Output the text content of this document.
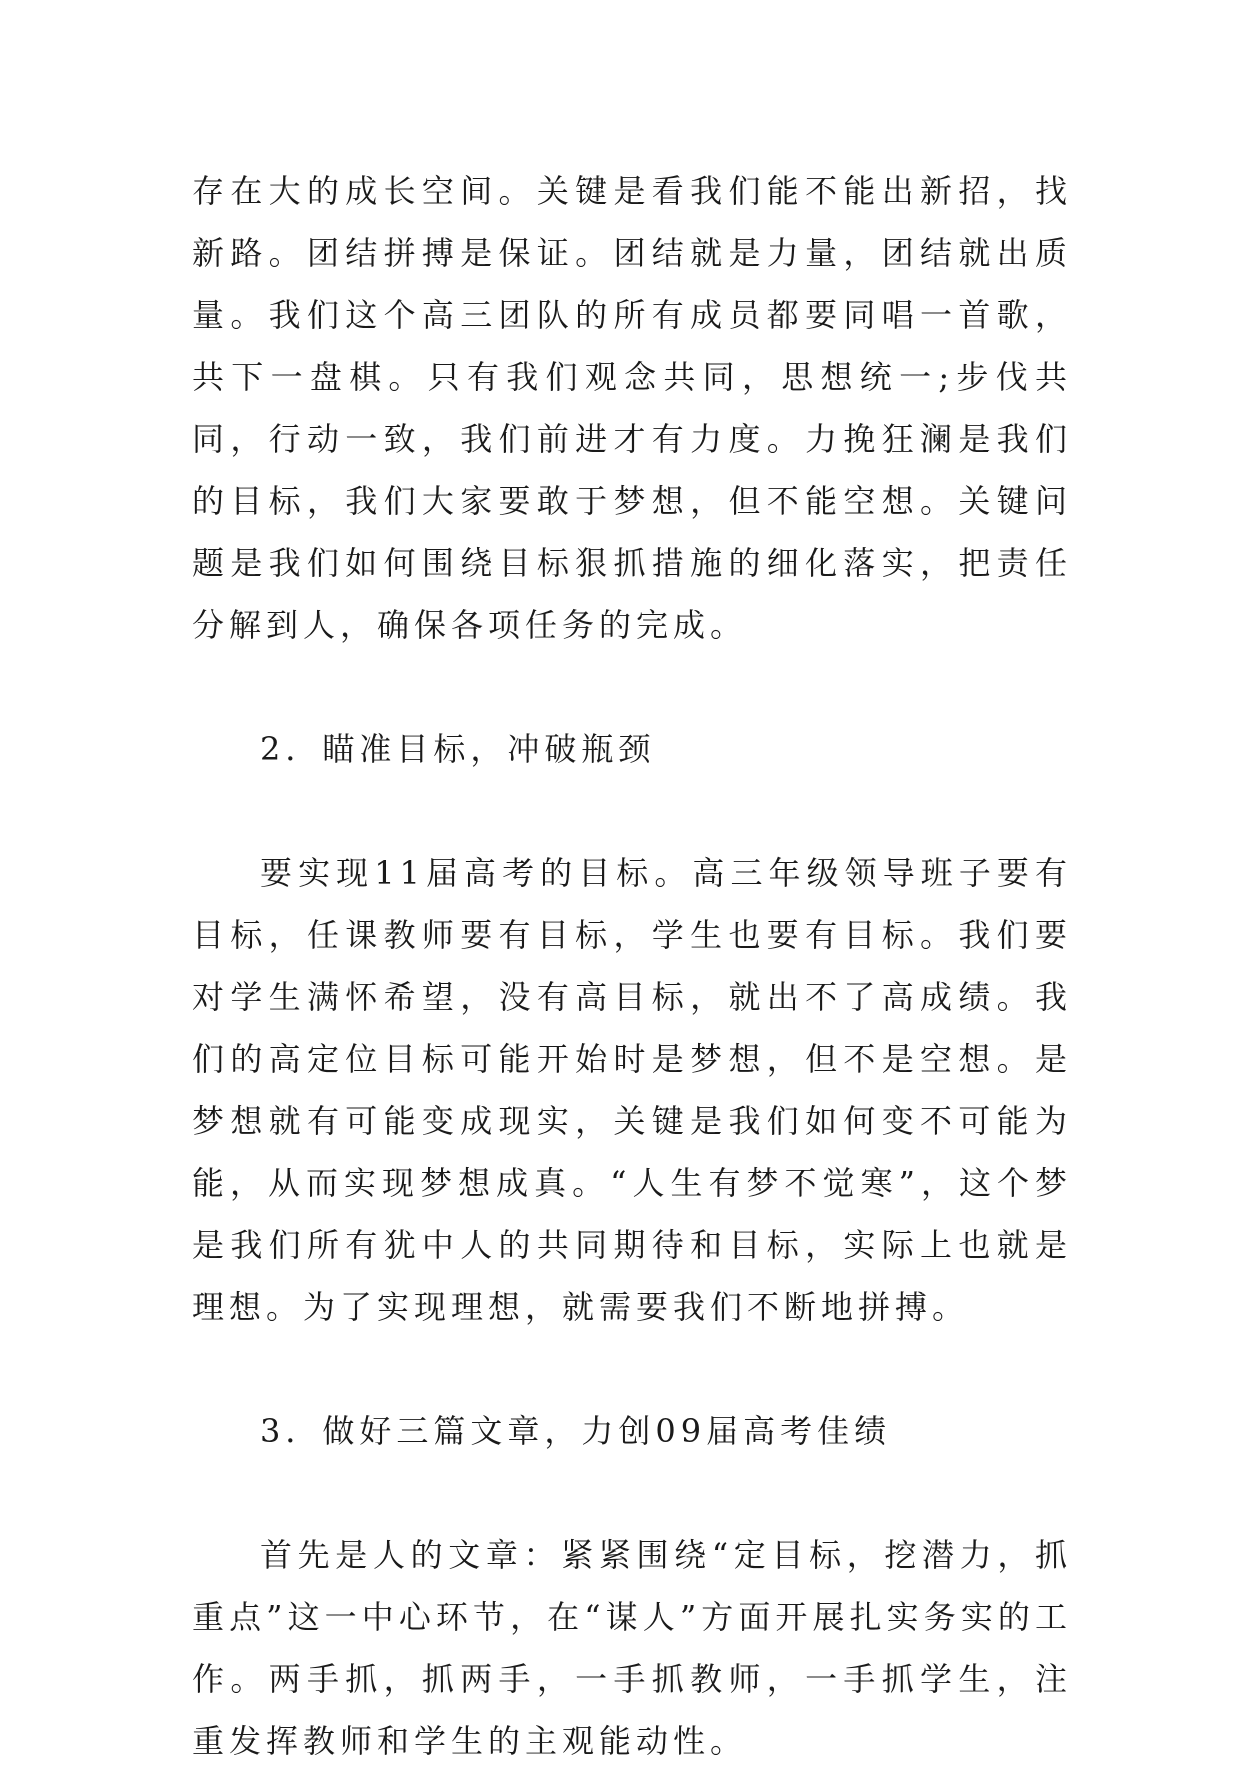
存在大的成长空间。关键是看我们能不能出新招，找新路。团结拼搏是保证。团结就是力量，团结就出质量。我们这个高三团队的所有成员都要同唱一首歌，共下一盘棋。只有我们观念共同，思想统一;步伐共同，行动一致，我们前进才有力度。力挽狂澜是我们的目标，我们大家要敢于梦想，但不能空想。关键问题是我们如何围绕目标狠抓措施的细化落实，把责任分解到人，确保各项任务的完成。

2．瞄准目标，冲破瓶颈

要实现11届高考的目标。高三年级领导班子要有目标，任课教师要有目标，学生也要有目标。我们要对学生满怀希望，没有高目标，就出不了高成绩。我们的高定位目标可能开始时是梦想，但不是空想。是梦想就有可能变成现实，关键是我们如何变不可能为能，从而实现梦想成真。“人生有梦不觉寒”，这个梦是我们所有犹中人的共同期待和目标，实际上也就是理想。为了实现理想，就需要我们不断地拼搏。

3．做好三篇文章，力创09届高考佳绩

首先是人的文章：紧紧围绕“定目标，挖潜力，抓重点”这一中心环节，在“谋人”方面开展扎实务实的工作。两手抓，抓两手，一手抓教师，一手抓学生，注重发挥教师和学生的主观能动性。
